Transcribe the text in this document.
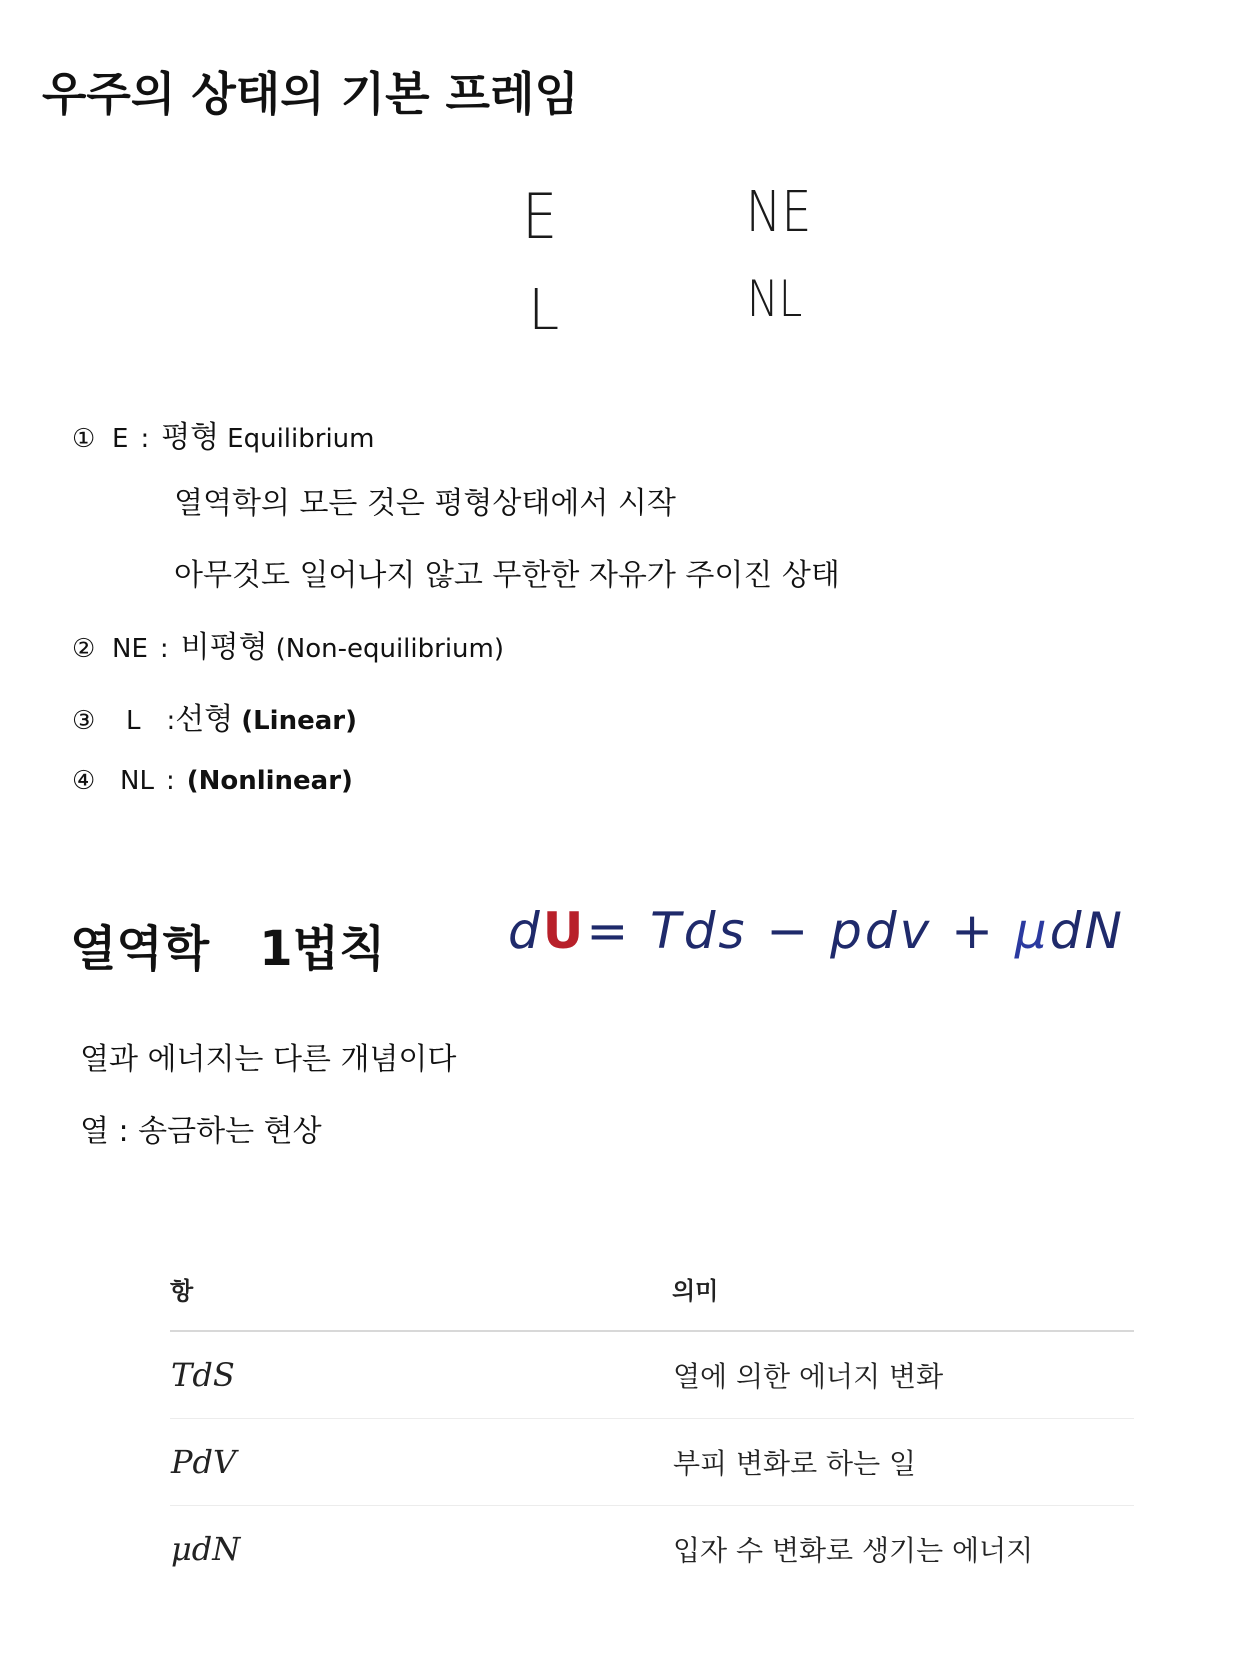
우주의 상태의 기본 프레임
E	NE
L	NL
① E : 평형 Equilibrium
열역학의 모든 것은 평형상태에서 시작
아무것도 일어나지 않고 무한한 자유가 주이진 상태
② NE : 비평형 (Non-equilibrium)
③	L : 선형 (Linear)
④ NL : (Nonlinear)
열역학   1법칙 dU= Tds − pdv + μdN
열과 에너지는 다른 개념이다
열 : 송금하는 현상
항	의미
TdS	열에 의한 에너지 변화
PdV	부피 변화로 하는 일
μdN	입자 수 변화로 생기는 에너지
